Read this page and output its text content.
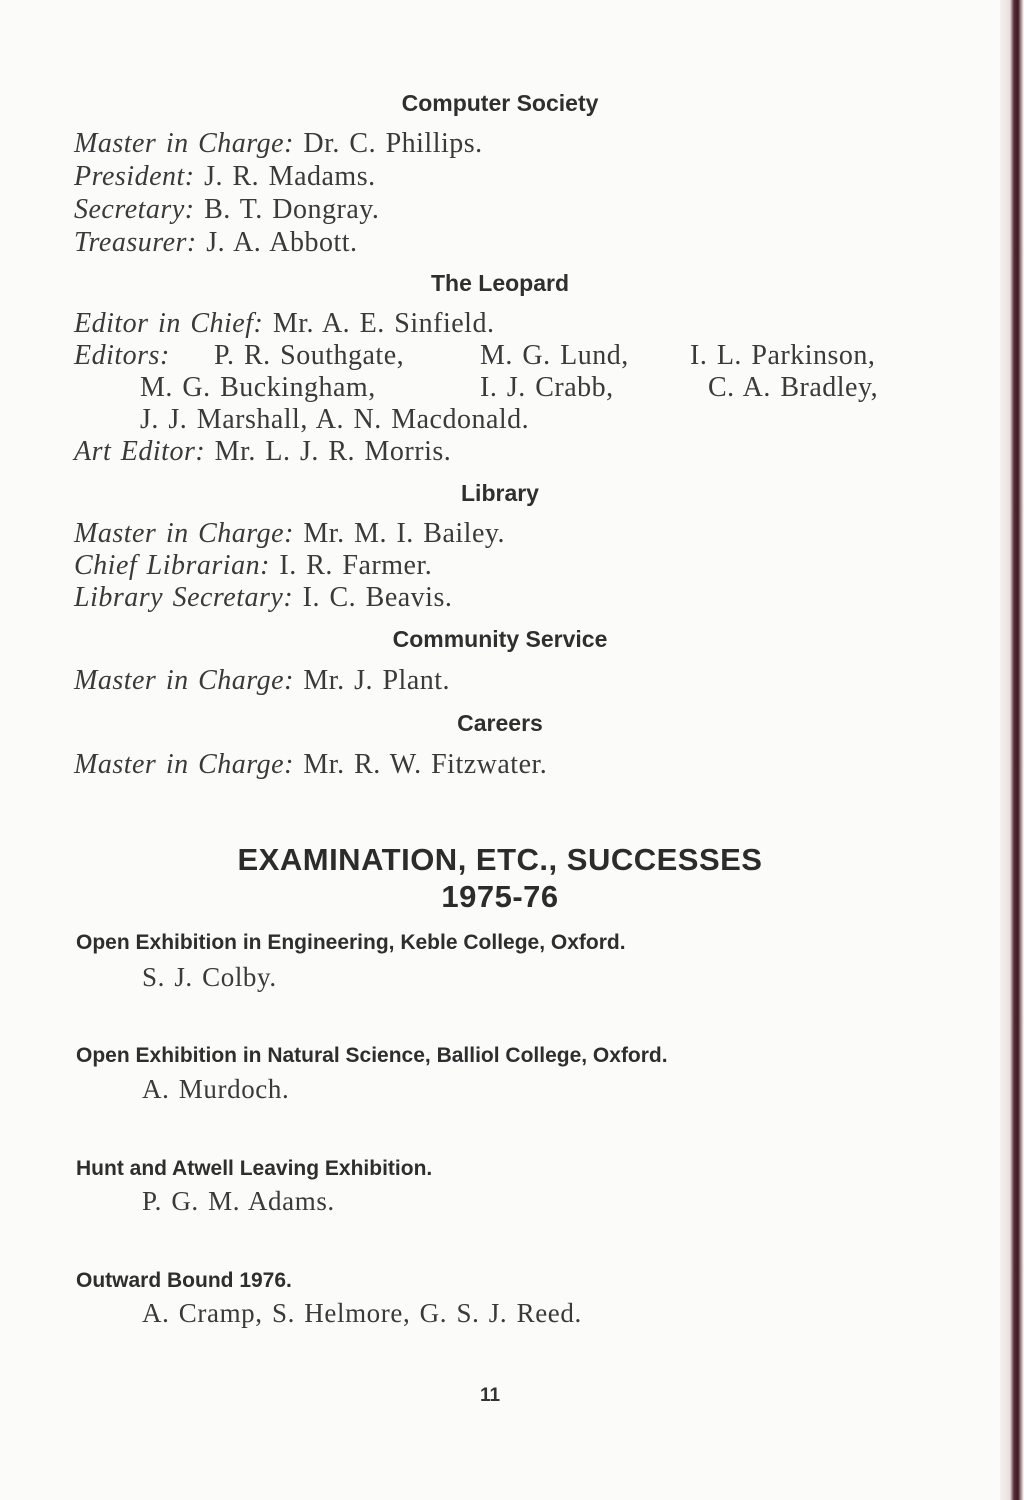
Computer Society
Master in Charge: Dr. C. Phillips.
President: J. R. Madams.
Secretary: B. T. Dongray.
Treasurer: J. A. Abbott.
The Leopard
Editor in Chief: Mr. A. E. Sinfield.
Editors: P. R. Southgate,	M. G. Lund, I. L. Parkinson,
M. G. Buckingham,	I. J. Crabb,	C. A. Bradley,
J. J. Marshall, A. N. Macdonald.
Art Editor: Mr. L. J. R. Morris.
Library
Master in Charge: Mr. M. I. Bailey.
Chief Librarian: I. R. Farmer.
Library Secretary: I. C. Beavis.
Community Service
Master in Charge: Mr. J. Plant.
Careers
Master in Charge: Mr. R. W. Fitzwater.
EXAMINATION, ETC., SUCCESSES
1975-76
Open Exhibition in Engineering, Keble College, Oxford.
S. J. Colby.
Open Exhibition in Natural Science, Balliol College, Oxford.
A. Murdoch.
Hunt and Atwell Leaving Exhibition.
P. G. M. Adams.
Outward Bound 1976.
A. Cramp, S. Helmore, G. S. J. Reed.
11
